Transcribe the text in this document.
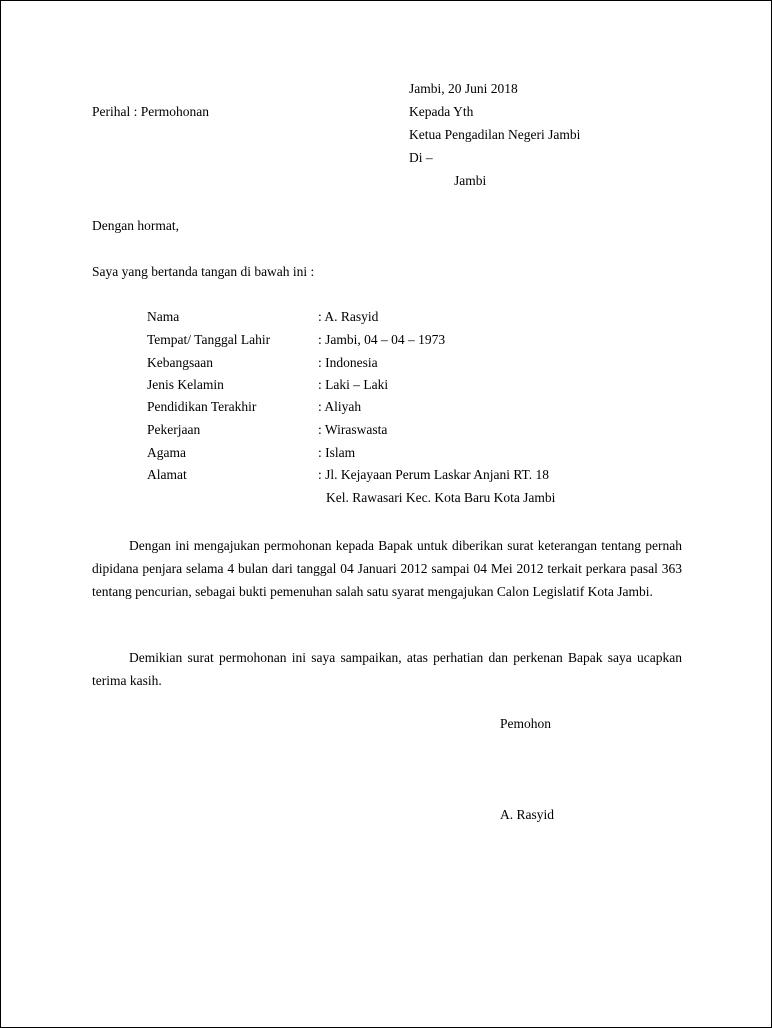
Jambi, 20 Juni 2018
Perihal : Permohonan	Kepada Yth
Ketua Pengadilan Negeri Jambi
Di –
Jambi
Dengan hormat,
Saya yang bertanda tangan di bawah ini :
Nama	: A. Rasyid
Tempat/ Tanggal Lahir	: Jambi, 04 – 04 – 1973
Kebangsaan	: Indonesia
Jenis Kelamin	: Laki – Laki
Pendidikan Terakhir	: Aliyah
Pekerjaan	: Wiraswasta
Agama	: Islam
Alamat	: Jl. Kejayaan Perum Laskar Anjani RT. 18
Kel. Rawasari Kec. Kota Baru Kota Jambi

Dengan ini mengajukan permohonan kepada Bapak untuk diberikan surat keterangan tentang pernah dipidana penjara selama 4 bulan dari tanggal 04 Januari 2012 sampai 04 Mei 2012 terkait perkara pasal 363 tentang pencurian, sebagai bukti pemenuhan salah satu syarat mengajukan Calon Legislatif Kota Jambi.

Demikian surat permohonan ini saya sampaikan, atas perhatian dan perkenan Bapak saya ucapkan terima kasih.

Pemohon
A. Rasyid
